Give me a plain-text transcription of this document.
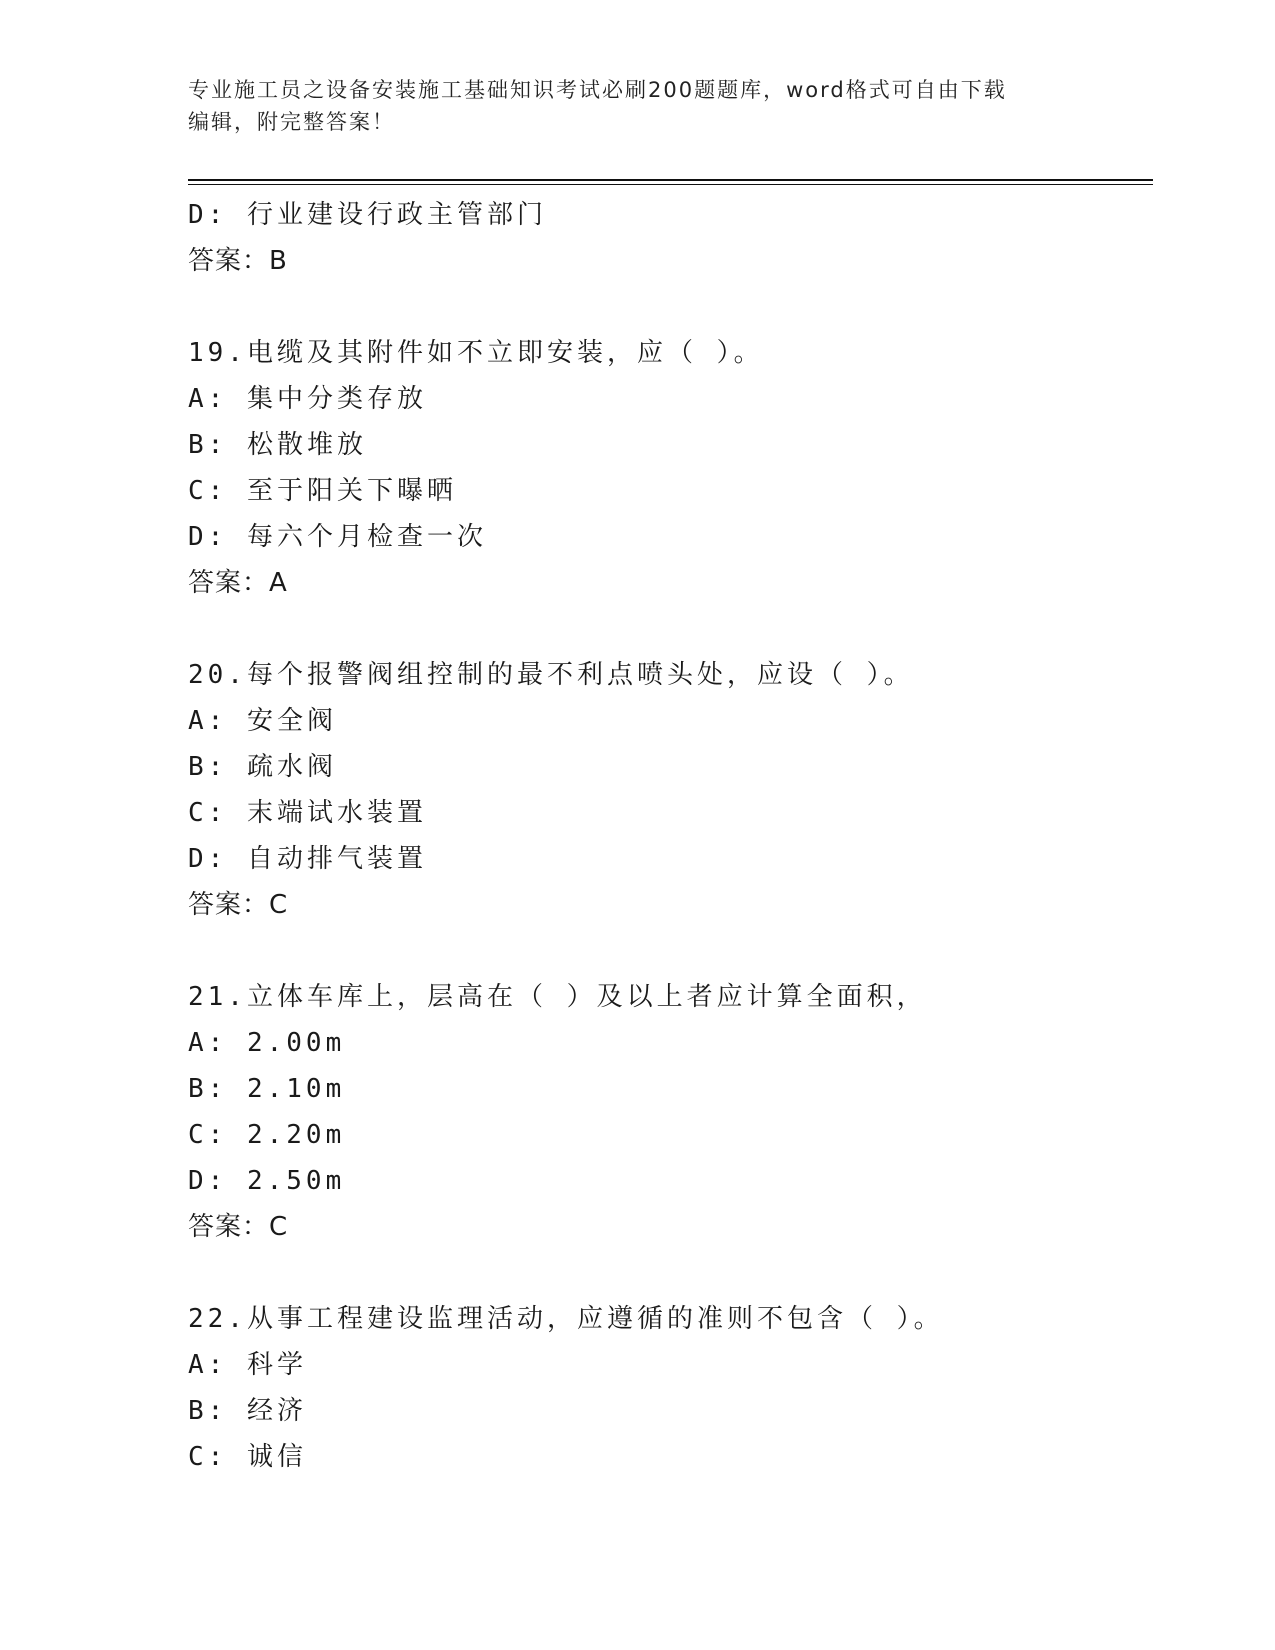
专业施工员之设备安装施工基础知识考试必刷200题题库，word格式可自由下载
编辑，附完整答案！
D: 行业建设行政主管部门
答案：B
19.电缆及其附件如不立即安装，应（ ）。
A: 集中分类存放
B: 松散堆放
C: 至于阳关下曝晒
D: 每六个月检查一次
答案：A
20.每个报警阀组控制的最不利点喷头处，应设（ ）。
A: 安全阀
B: 疏水阀
C: 末端试水装置
D: 自动排气装置
答案：C
21.立体车库上，层高在（ ）及以上者应计算全面积，
A: 2.00m
B: 2.10m
C: 2.20m
D: 2.50m
答案：C
22.从事工程建设监理活动，应遵循的准则不包含（ ）。
A: 科学
B: 经济
C: 诚信
